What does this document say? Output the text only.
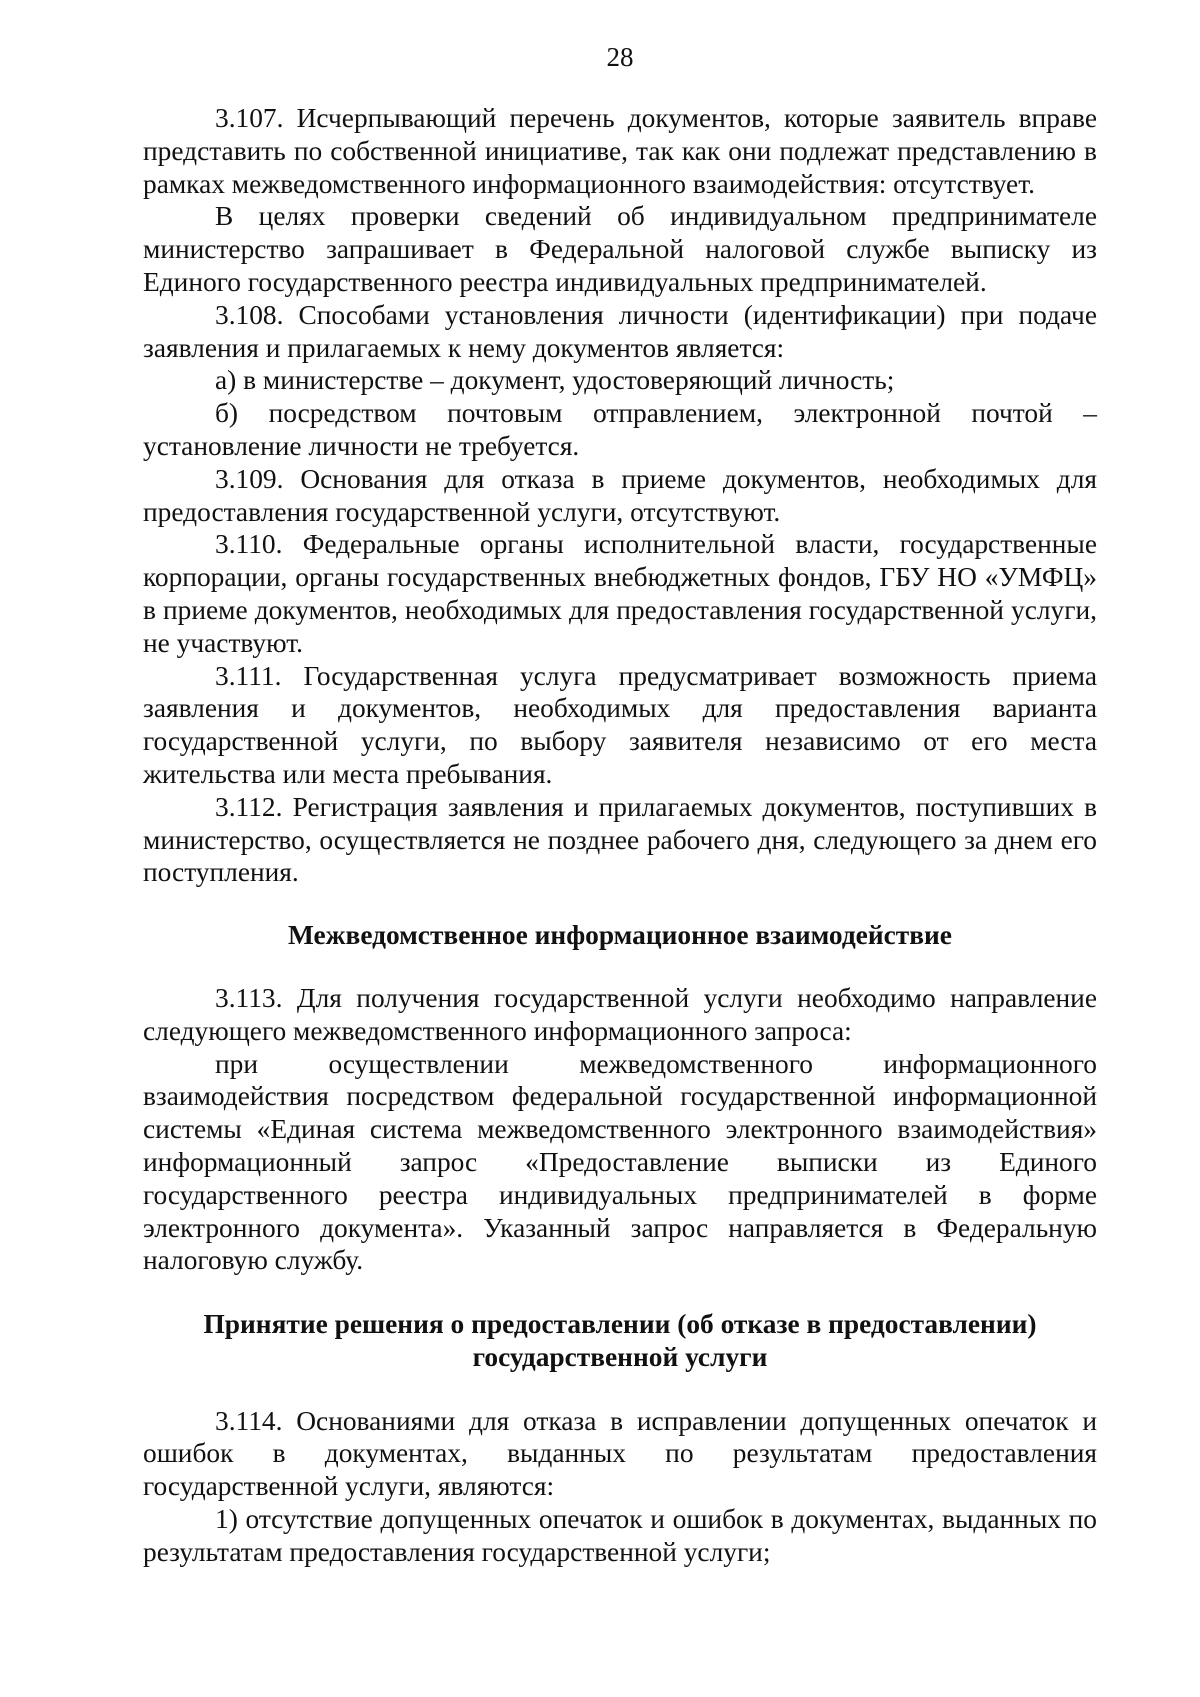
28

3.107. Исчерпывающий перечень документов, которые заявитель вправе представить по собственной инициативе, так как они подлежат представлению в рамках межведомственного информационного взаимодействия: отсутствует.

В целях проверки сведений об индивидуальном предпринимателе министерство запрашивает в Федеральной налоговой службе выписку из Единого государственного реестра индивидуальных предпринимателей.

3.108. Способами установления личности (идентификации) при подаче заявления и прилагаемых к нему документов является:

а) в министерстве – документ, удостоверяющий личность;

б) посредством почтовым отправлением, электронной почтой – установление личности не требуется.

3.109. Основания для отказа в приеме документов, необходимых для предоставления государственной услуги, отсутствуют.

3.110. Федеральные органы исполнительной власти, государственные корпорации, органы государственных внебюджетных фондов, ГБУ НО «УМФЦ» в приеме документов, необходимых для предоставления государственной услуги, не участвуют.

3.111. Государственная услуга предусматривает возможность приема заявления и документов, необходимых для предоставления варианта государственной услуги, по выбору заявителя независимо от его места жительства или места пребывания.

3.112. Регистрация заявления и прилагаемых документов, поступивших в министерство, осуществляется не позднее рабочего дня, следующего за днем его поступления.

Межведомственное информационное взаимодействие

3.113. Для получения государственной услуги необходимо направление следующего межведомственного информационного запроса:

при осуществлении межведомственного информационного взаимодействия посредством федеральной государственной информационной системы «Единая система межведомственного электронного взаимодействия» информационный запрос «Предоставление выписки из Единого государственного реестра индивидуальных предпринимателей в форме электронного документа». Указанный запрос направляется в Федеральную налоговую службу.

Принятие решения о предоставлении (об отказе в предоставлении)
государственной услуги

3.114. Основаниями для отказа в исправлении допущенных опечаток и ошибок в документах, выданных по результатам предоставления государственной услуги, являются:

1) отсутствие допущенных опечаток и ошибок в документах, выданных по результатам предоставления государственной услуги;
